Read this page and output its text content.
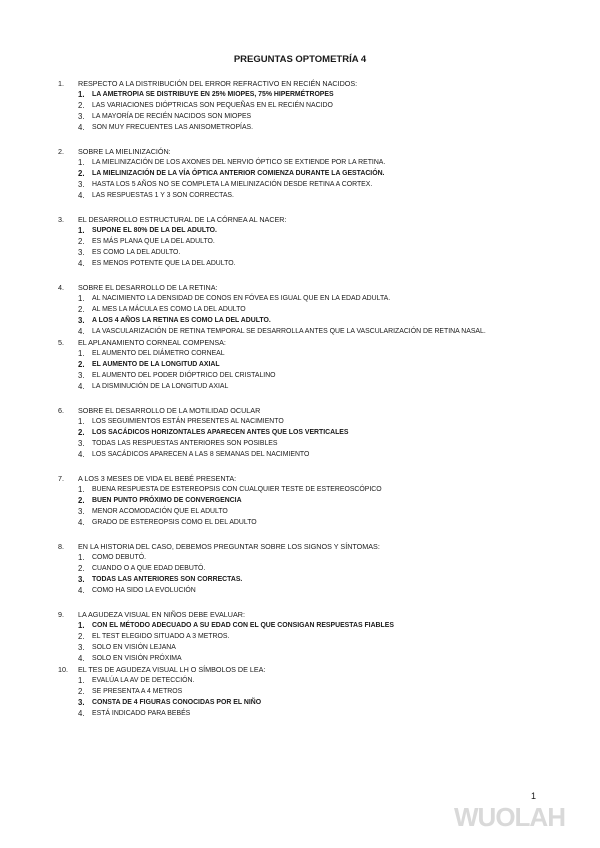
PREGUNTAS OPTOMETRÍA 4
1.	RESPECTO A LA DISTRIBUCIÓN DEL ERROR REFRACTIVO EN RECIÉN NACIDOS:
1.	LA AMETROPIA SE DISTRIBUYE EN 25% MIOPES, 75% HIPERMÉTROPES
2.	LAS VARIACIONES DIÓPTRICAS SON PEQUEÑAS EN EL RECIÉN NACIDO
3.	LA MAYORÍA DE RECIÉN NACIDOS SON MIOPES
4.	SON MUY FRECUENTES LAS ANISOMETROPÍAS.
2.	SOBRE LA MIELINIZACIÓN:
1.	LA MIELINIZACIÓN DE LOS AXONES DEL NERVIO ÓPTICO SE EXTIENDE POR LA RETINA.
2.	LA MIELINIZACIÓN DE LA VÍA ÓPTICA ANTERIOR COMIENZA DURANTE LA GESTACIÓN.
3.	HASTA LOS 5 AÑOS NO SE COMPLETA LA MIELINIZACIÓN DESDE RETINA A CORTEX.
4.	LAS RESPUESTAS 1 Y 3 SON CORRECTAS.
3.	EL DESARROLLO ESTRUCTURAL DE LA CÓRNEA AL NACER:
1.	SUPONE EL 80% DE LA DEL ADULTO.
2.	ES MÁS PLANA QUE LA DEL ADULTO.
3.	ES COMO LA DEL ADULTO.
4.	ES MENOS POTENTE QUE LA DEL ADULTO.
4.	SOBRE EL DESARROLLO DE LA RETINA:
1.	AL NACIMIENTO LA DENSIDAD DE CONOS EN FÓVEA ES IGUAL QUE EN LA EDAD ADULTA.
2.	AL MES LA MÁCULA ES COMO LA DEL ADULTO
3.	A LOS 4 AÑOS LA RETINA ES COMO LA DEL ADULTO.
4.	LA VASCULARIZACIÓN DE RETINA TEMPORAL SE DESARROLLA ANTES QUE LA VASCULARIZACIÓN DE RETINA NASAL.
5.	EL APLANAMIENTO CORNEAL COMPENSA:
1.	EL AUMENTO DEL DIÁMETRO CORNEAL
2.	EL AUMENTO DE LA LONGITUD AXIAL
3.	EL AUMENTO DEL PODER DIÓPTRICO DEL CRISTALINO
4.	LA DISMINUCIÓN DE LA LONGITUD AXIAL
6.	SOBRE EL DESARROLLO DE LA MOTILIDAD OCULAR
1.	LOS SEGUIMIENTOS ESTÁN PRESENTES AL NACIMIENTO
2.	LOS SACÁDICOS HORIZONTALES APARECEN ANTES QUE LOS VERTICALES
3.	TODAS LAS RESPUESTAS ANTERIORES SON POSIBLES
4.	LOS SACÁDICOS APARECEN A LAS 8 SEMANAS DEL NACIMIENTO
7.	A LOS 3 MESES DE VIDA EL BEBÉ PRESENTA:
1.	BUENA RESPUESTA DE ESTEREOPSIS CON CUALQUIER TESTE DE ESTEREOSCÓPICO
2.	BUEN PUNTO PRÓXIMO DE CONVERGENCIA
3.	MENOR ACOMODACIÓN QUE EL ADULTO
4.	GRADO DE ESTEREOPSIS COMO EL DEL ADULTO
8.	EN LA HISTORIA DEL CASO, DEBEMOS PREGUNTAR SOBRE LOS SIGNOS Y SÍNTOMAS:
1.	COMO DEBUTÓ.
2.	CUANDO O A QUE EDAD DEBUTÓ.
3.	TODAS LAS ANTERIORES SON CORRECTAS.
4.	COMO HA SIDO LA EVOLUCIÓN
9.	LA AGUDEZA VISUAL EN NIÑOS DEBE EVALUAR:
1.	CON EL MÉTODO ADECUADO A SU EDAD CON EL QUE CONSIGAN RESPUESTAS FIABLES
2.	EL TEST ELEGIDO SITUADO A 3 METROS.
3.	SOLO EN VISIÓN LEJANA
4.	SOLO EN VISIÓN PRÓXIMA
10.	EL TES DE AGUDEZA VISUAL LH O SÍMBOLOS DE LEA:
1.	EVALÚA LA AV DE DETECCIÓN.
2.	SE PRESENTA A 4 METROS
3.	CONSTA DE 4 FIGURAS CONOCIDAS POR EL NIÑO
4.	ESTÁ INDICADO PARA BEBÉS
1
WUOLAH
